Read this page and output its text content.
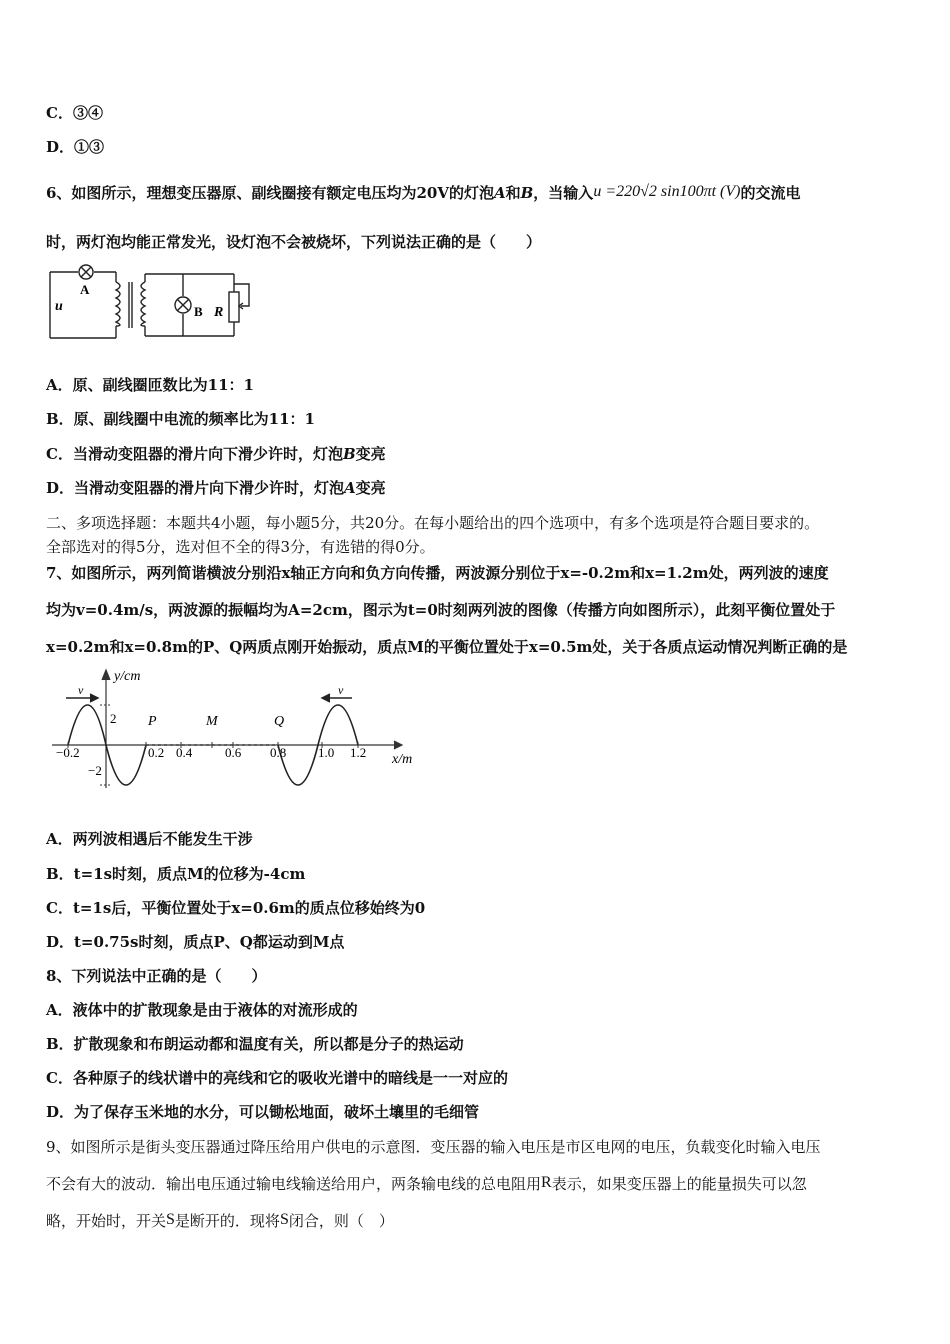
C．③④
D．①③
6、如图所示，理想变压器原、副线圈接有额定电压均为20V的灯泡A和B，当输入u =220√2 sin100πt (V)的交流电
时，两灯泡均能正常发光，设灯泡不会被烧坏，下列说法正确的是（　　）
u
A
B R
A．原、副线圈匝数比为11：1
B．原、副线圈中电流的频率比为11：1
C．当滑动变阻器的滑片向下滑少许时，灯泡B变亮
D．当滑动变阻器的滑片向下滑少许时，灯泡A变亮
二、多项选择题：本题共4小题，每小题5分，共20分。在每小题给出的四个选项中，有多个选项是符合题目要求的。
全部选对的得5分，选对但不全的得3分，有选错的得0分。
7、如图所示，两列简谐横波分别沿x轴正方向和负方向传播，两波源分别位于x=-0.2m和x=1.2m处，两列波的速度
均为v=0.4m/s，两波源的振幅均为A=2cm，图示为t=0时刻两列波的图像（传播方向如图所示），此刻平衡位置处于
x=0.2m和x=0.8m的P、Q两质点刚开始振动，质点M的平衡位置处于x=0.5m处，关于各质点运动情况判断正确的是
v	v
y/cm
x/m
2
−2
−0.2	0.2 0.4	0.6 0.8 1.0 1.2
P	M	Q
A．两列波相遇后不能发生干涉
B．t=1s时刻，质点M的位移为-4cm
C．t=1s后，平衡位置处于x=0.6m的质点位移始终为0
D．t=0.75s时刻，质点P、Q都运动到M点
8、下列说法中正确的是（　　）
A．液体中的扩散现象是由于液体的对流形成的
B．扩散现象和布朗运动都和温度有关，所以都是分子的热运动
C．各种原子的线状谱中的亮线和它的吸收光谱中的暗线是一一对应的
D．为了保存玉米地的水分，可以锄松地面，破坏土壤里的毛细管
9、如图所示是街头变压器通过降压给用户供电的示意图．变压器的输入电压是市区电网的电压，负载变化时输入电压
不会有大的波动．输出电压通过输电线输送给用户，两条输电线的总电阻用R表示，如果变压器上的能量损失可以忽
略，开始时，开关S是断开的．现将S闭合，则（　）
